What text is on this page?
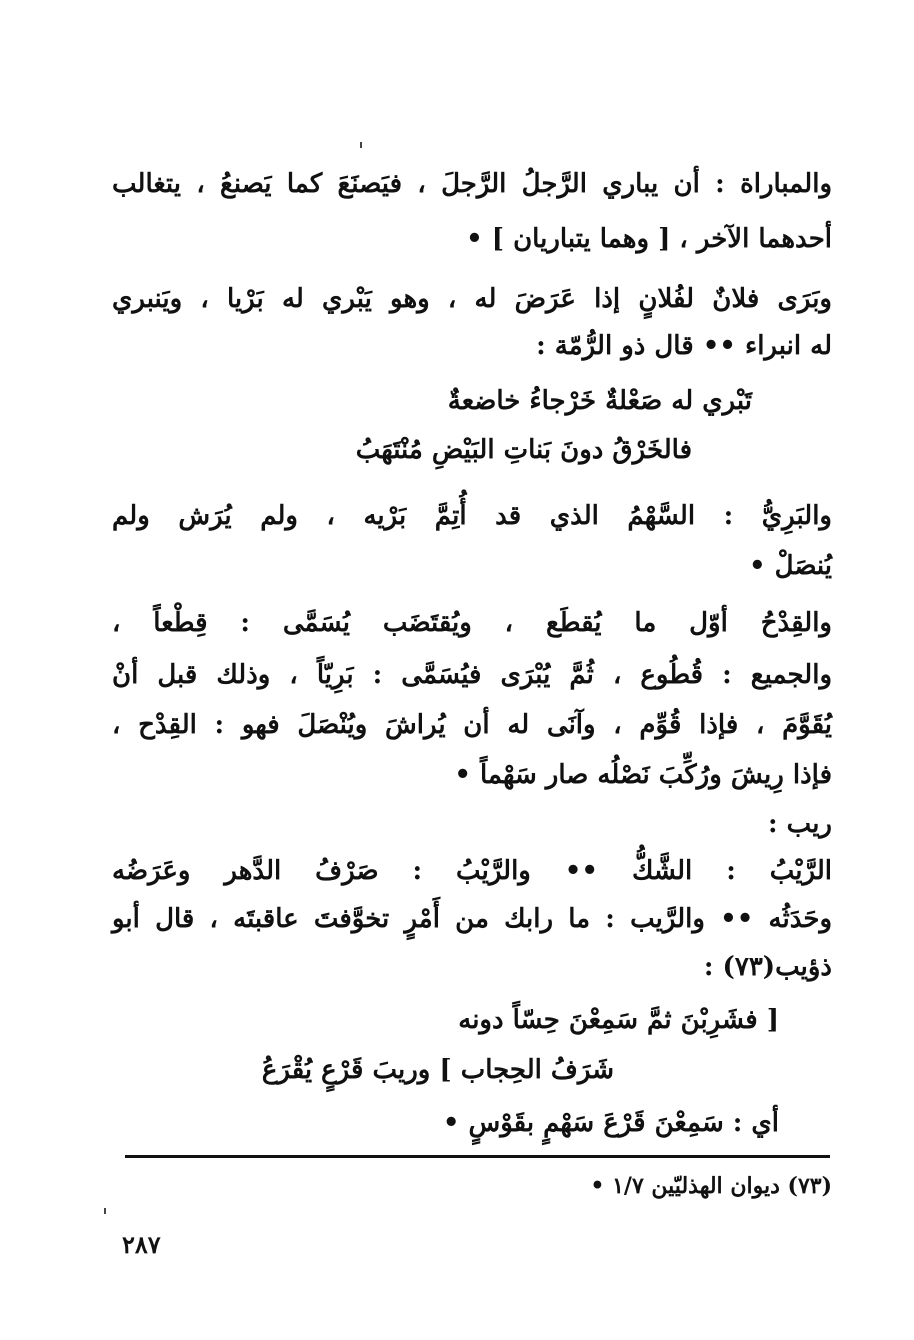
والمباراة : أن يباري الرَّجلُ الرَّجلَ ، فيَصنَعَ كما يَصنعُ ، يتغالب
أحدهما الآخر ، [ وهما يتباريان ] •
وبَرَى فلانٌ لفُلانٍ إذا عَرَضَ له ، وهو يَبْري له بَرْيا ، ويَنبري
له انبراء •• قال ذو الرُّمّة :
تَبْري له صَعْلةٌ خَرْجاءُ خاضعةٌ
فالخَرْقُ دونَ بَناتِ البَيْضِ مُنْتَهَبُ
والبَرِيُّ : السَّهْمُ الذي قد أُتِمَّ بَرْيه ، ولم يُرَش ولم
يُنصَلْ •
والقِدْحُ أوّل ما يُقطَع ، ويُقتَضَب يُسَمَّى : قِطْعاً ،
والجميع : قُطُوع ، ثُمَّ يُبْرَى فيُسَمَّى : بَرِيّاً ، وذلك قبل أنْ
يُقَوَّمَ ، فإذا قُوِّم ، وآنَى له أن يُراشَ ويُنْصَلَ فهو : القِدْح ،
فإذا رِيشَ ورُكِّبَ نَصْلُه صار سَهْماً •
ريب :
الرَّيْبُ : الشَّكُّ •• والرَّيْبُ : صَرْفُ الدَّهر وعَرَضُه
وحَدَثُه •• والرَّيب : ما رابك من أَمْرٍ تخوَّفتَ عاقبتَه ، قال أبو
ذؤيب(٧٣) :
[ فشَرِبْنَ ثمَّ سَمِعْنَ حِسّاً دونه
شَرَفُ الحِجاب ] وريبَ قَرْعٍ يُقْرَعُ
أي : سَمِعْنَ قَرْعَ سَهْمٍ بقَوْسٍ •
(٧٣) ديوان الهذليّين ١/٧ •
٢٨٧
